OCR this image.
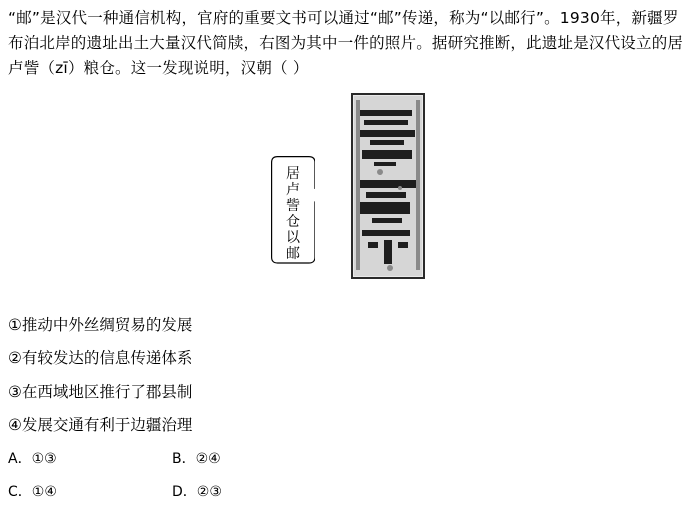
“邮”是汉代一种通信机构，官府的重要文书可以通过“邮”传递，称为“以邮行”。1930年，新疆罗布泊北岸的遗址出土大量汉代简牍，右图为其中一件的照片。据研究推断，此遗址是汉代设立的居卢訾（zī）粮仓。这一发现说明，汉朝（ ）

居卢訾仓以邮
①推动中外丝绸贸易的发展
②有较发达的信息传递体系
③在西域地区推行了郡县制
④发展交通有利于边疆治理
A．①③	B．②④
C．①④	D．②③
